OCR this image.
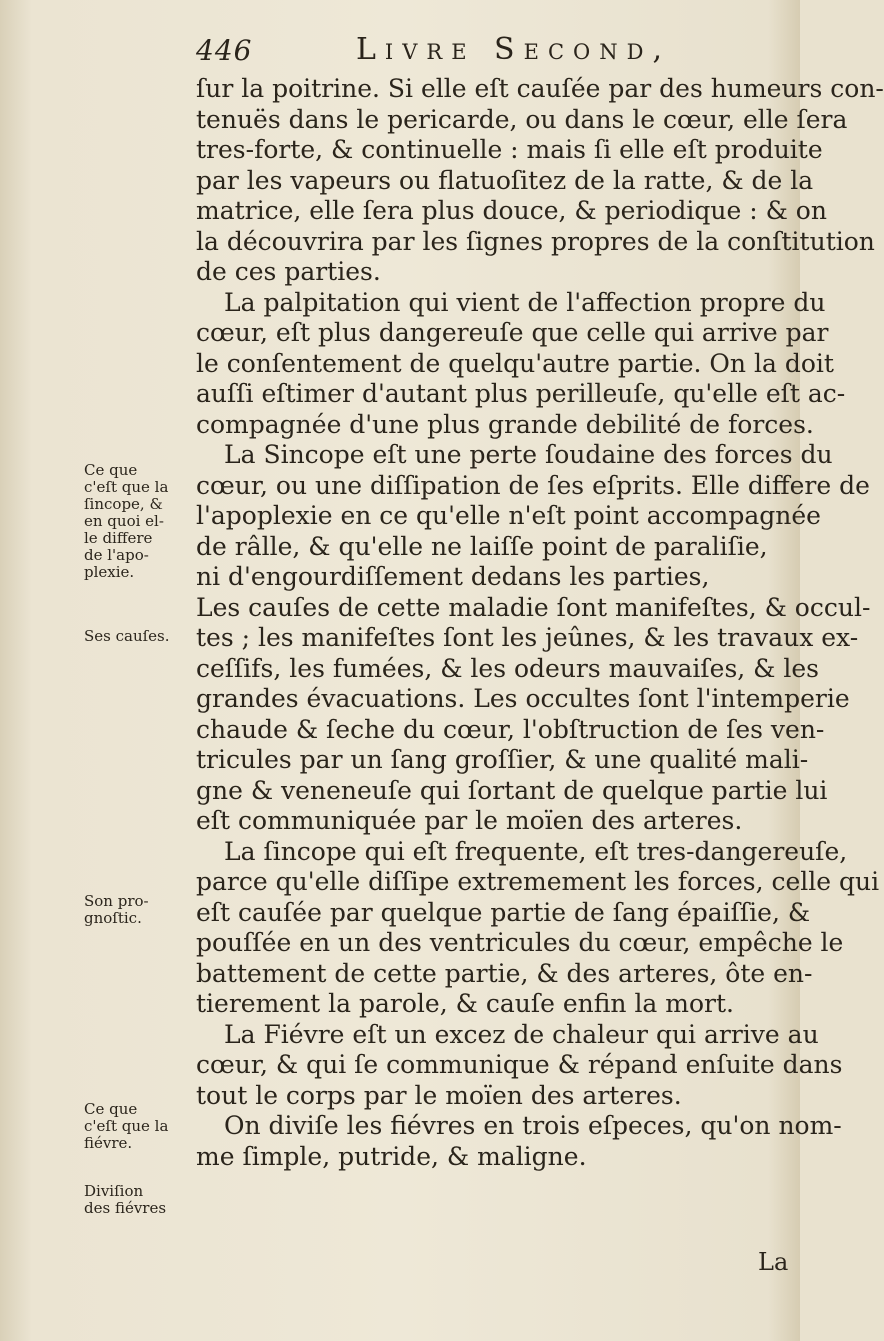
446	Livre Second,
ſur la poitrine. Si elle eſt cauſée par des humeurs con-
tenuës dans le pericarde, ou dans le cœur, elle ſera
tres-forte, & continuelle : mais ſi elle eſt produite
par les vapeurs ou flatuoſitez de la ratte, & de la
matrice, elle ſera plus douce, & periodique : & on
la découvrira par les ſignes propres de la conſtitution
de ces parties.
La palpitation qui vient de l'affection propre du
cœur, eſt plus dangereuſe que celle qui arrive par
le conſentement de quelqu'autre partie. On la doit
auſſi eſtimer d'autant plus perilleuſe, qu'elle eſt ac-
compagnée d'une plus grande debilité de forces.
La Sincope eſt une perte ſoudaine des forces du
cœur, ou une diſſipation de ſes eſprits. Elle differe de
l'apoplexie en ce qu'elle n'eſt point accompagnée
de râlle, & qu'elle ne laiſſe point de paraliſie,
ni d'engourdiſſement dedans les parties,
Les cauſes de cette maladie ſont manifeſtes, & occul-
tes ; les manifeſtes ſont les jeûnes, & les travaux ex-
ceſſifs, les fumées, & les odeurs mauvaiſes, & les
grandes évacuations. Les occultes ſont l'intemperie
chaude & ſeche du cœur, l'obſtruction de ſes ven-
tricules par un ſang groſſier, & une qualité mali-
gne & veneneuſe qui ſortant de quelque partie lui
eſt communiquée par le moïen des arteres.
La ſincope qui eſt frequente, eſt tres-dangereuſe,
parce qu'elle diſſipe extremement les forces, celle qui
eſt cauſée par quelque partie de ſang épaiſſie, &
pouſſée en un des ventricules du cœur, empêche le
battement de cette partie, & des arteres, ôte en-
tierement la parole, & cauſe enfin la mort.
La Fiévre eſt un excez de chaleur qui arrive au
cœur, & qui ſe communique & répand enſuite dans
tout le corps par le moïen des arteres.
On diviſe les fiévres en trois eſpeces, qu'on nom-
me ſimple, putride, & maligne.
Ce que
c'eſt que la
ſincope, &
en quoi el-
le differe
de l'apo-
plexie.
Ses cauſes.
Son pro-
gnoſtic.
Ce que
c'eſt que la
fiévre.
Diviſion
des fiévres
La
